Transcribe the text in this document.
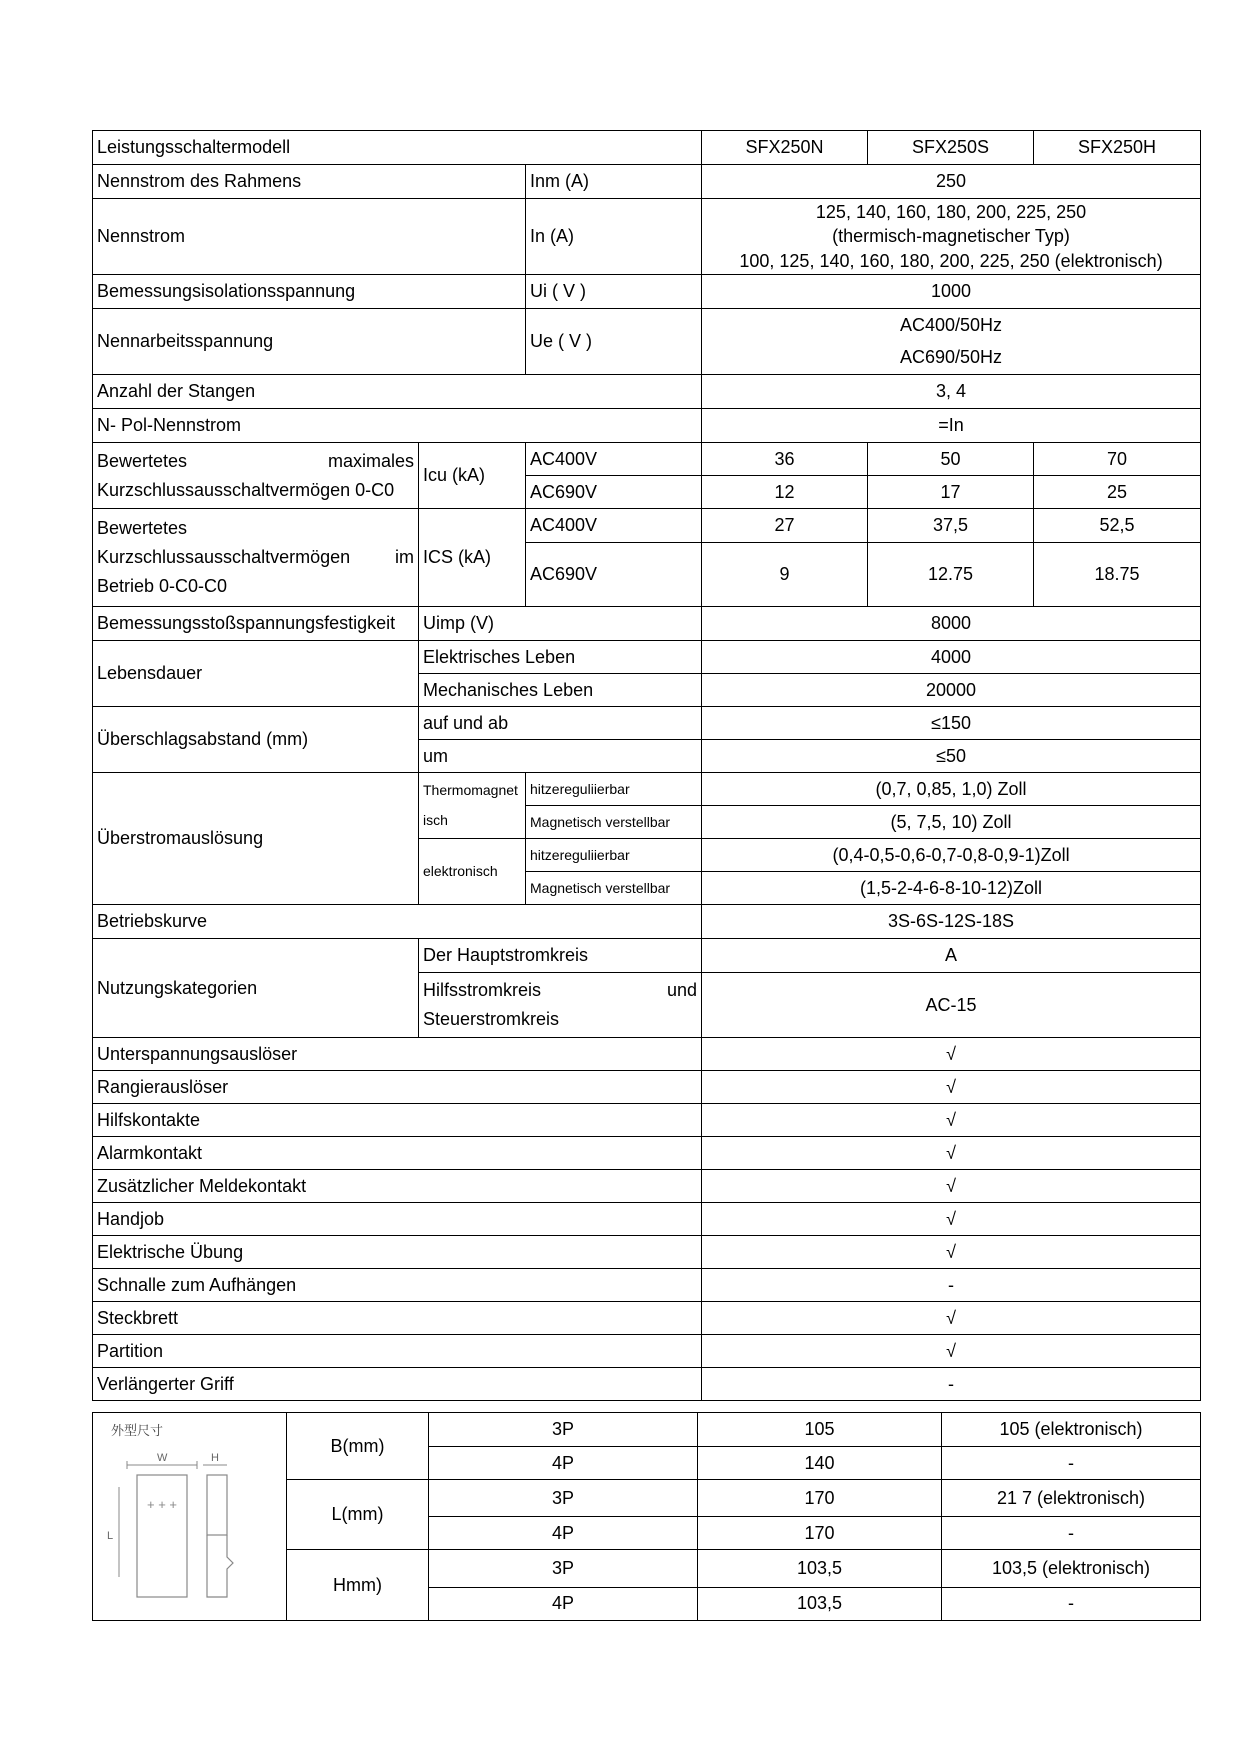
Leistungsschaltermodell			SFX250N	SFX250S	SFX250H
Nennstrom des Rahmens		Inm (A)	250		
Nennstrom		In (A)	125, 140, 160, 180, 200, 225, 250
(thermisch-magnetischer Typ)
100, 125, 140, 160, 180, 200, 225, 250 (elektronisch)		

Bemessungsisolationsspannung		Ui ( V )	1000		
Nennarbeitsspannung		Ue ( V )	AC400/50Hz
AC690/50Hz		

Anzahl der Stangen			3, 4		
N- Pol-Nennstrom			=In		
Bewertetes maximales Kurzschlussausschaltvermögen 0-C0	Icu (kA)	AC400V	36	50	70
		AC690V	12	17	25
Bewertetes Kurzschlussausschaltvermögen im Betrieb 0-C0-C0	ICS (kA)	AC400V	27	37,5	52,5
		AC690V	9	12.75	18.75
Bemessungsstoßspannungsfestigkeit	Uimp (V)		8000		
Lebensdauer	Elektrisches Leben		4000		
	Mechanisches Leben		20000		
Überschlagsabstand (mm)	auf und ab		≤150		
	um		≤50		
Überstromauslösung	Thermomagnetisch	hitzereguliierbar	(0,7, 0,85, 1,0) Zoll		
		Magnetisch verstellbar	(5, 7,5, 10) Zoll		
	elektronisch	hitzereguliierbar	(0,4-0,5-0,6-0,7-0,8-0,9-1)Zoll		
		Magnetisch verstellbar	(1,5-2-4-6-8-10-12)Zoll		
Betriebskurve			3S-6S-12S-18S		
Nutzungskategorien	Der Hauptstromkreis		A		
	Hilfsstromkreis und Steuerstromkreis		AC-15		
Unterspannungsauslöser			√		
Rangierauslöser			√		
Hilfskontakte			√		
Alarmkontakt			√		
Zusätzlicher Meldekontakt			√		
Handjob			√		
Elektrische Übung			√		
Schnalle zum Aufhängen			-		
Steckbrett			√		
Partition			√		
Verlängerter Griff			-		
外型尺寸
W
+ + +
L
H	B(mm)	3P	105	105 (elektronisch)
		4P	140	-
	L(mm)	3P	170	21 7 (elektronisch)
		4P	170	-
	Hmm)	3P	103,5	103,5 (elektronisch)
		4P	103,5	-
